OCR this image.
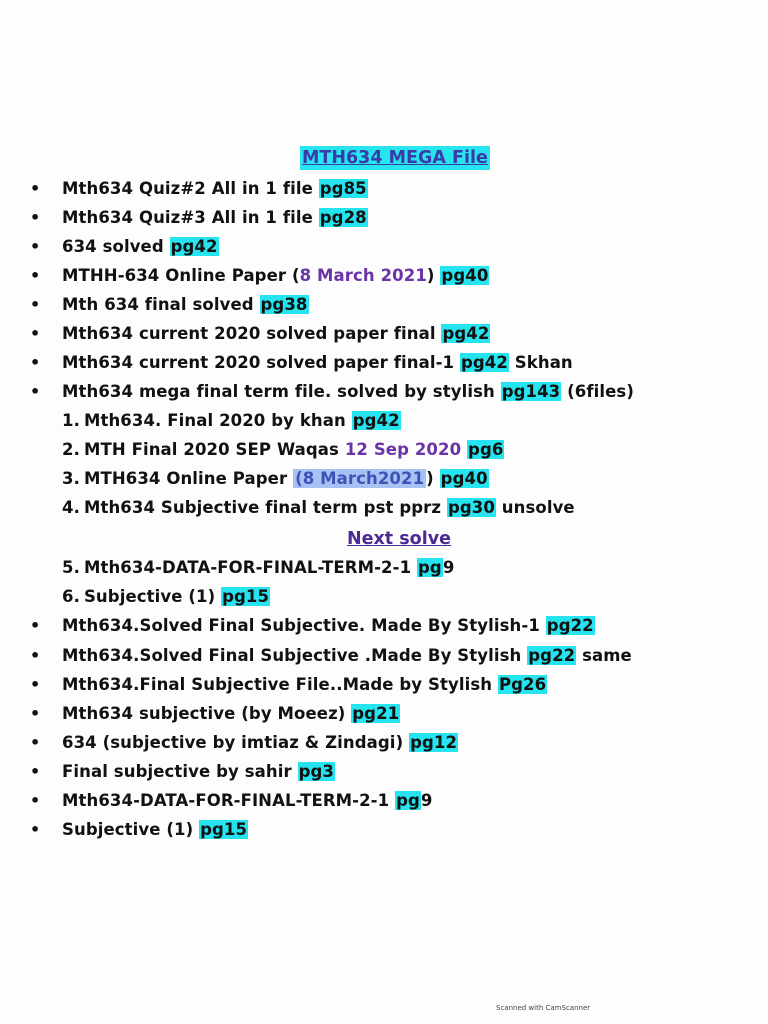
MTH634 MEGA File
• Mth634 Quiz#2 All in 1 file pg85
• Mth634 Quiz#3 All in 1 file pg28
• 634 solved pg42
• MTHH-634 Online Paper (8 March 2021) pg40
• Mth 634 final solved pg38
• Mth634 current 2020 solved paper final pg42
• Mth634 current 2020 solved paper final-1 pg42 Skhan
• Mth634 mega final term file. solved by stylish pg143 (6files)
1. Mth634. Final 2020 by khan pg42
2. MTH Final 2020 SEP Waqas 12 Sep 2020 pg6
3. MTH634 Online Paper (8 March2021 ) pg40
4. Mth634 Subjective final term pst pprz pg30 unsolve
Next solve
5. Mth634-DATA-FOR-FINAL-TERM-2-1 pg9
6. Subjective (1) pg15
• Mth634.Solved Final Subjective. Made By Stylish-1 pg22
• Mth634.Solved Final Subjective .Made By Stylish pg22 same
• Mth634.Final Subjective File..Made by Stylish Pg26
• Mth634 subjective (by Moeez) pg21
• 634 (subjective by imtiaz & Zindagi) pg12
• Final subjective by sahir pg3
• Mth634-DATA-FOR-FINAL-TERM-2-1 pg9
• Subjective (1) pg15
Scanned with CamScanner
